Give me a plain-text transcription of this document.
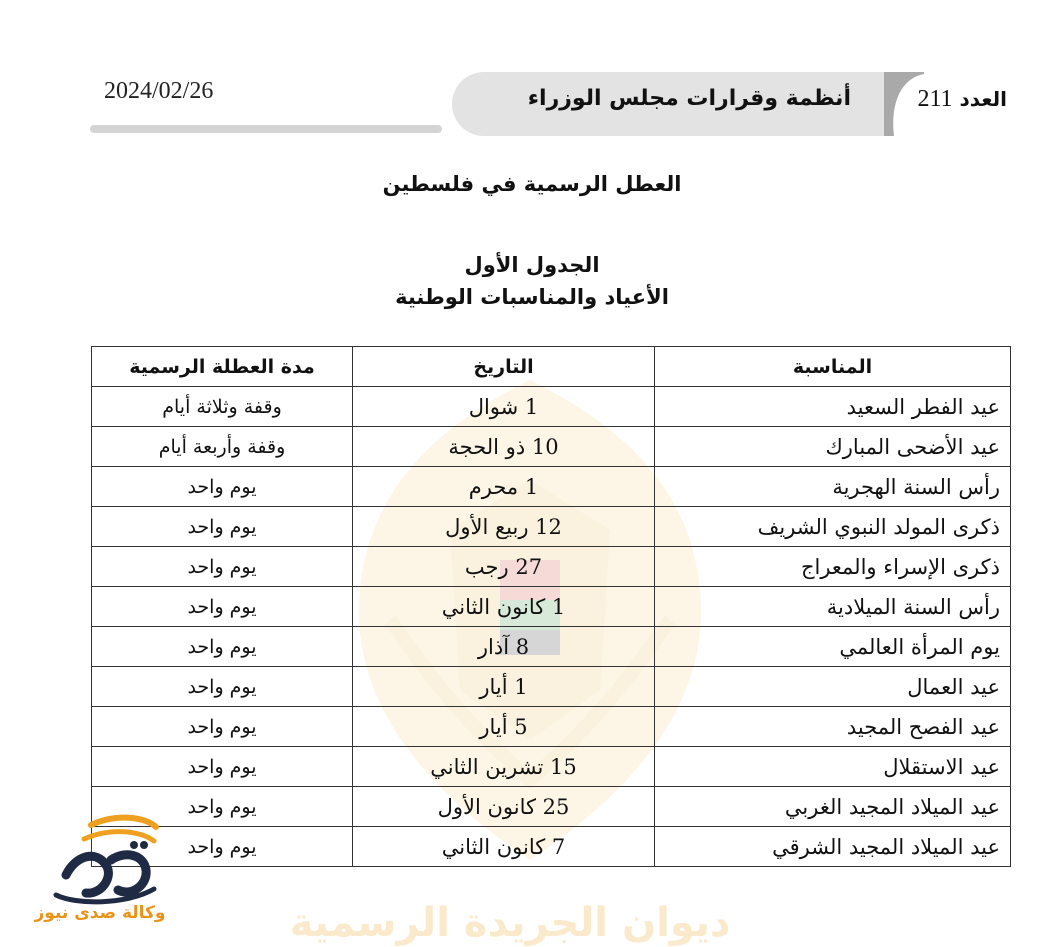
ديوان الجريدة الرسمية
2024/02/26	أنظمة وقرارات مجلس الوزراء	العدد 211
العطل الرسمية في فلسطين
الجدول الأول
الأعياد والمناسبات الوطنية
المناسبة	التاريخ	مدة العطلة الرسمية
عيد الفطر السعيد	1 شوال	وقفة وثلاثة أيام
عيد الأضحى المبارك	10 ذو الحجة	وقفة وأربعة أيام
رأس السنة الهجرية	1 محرم	يوم واحد
ذكرى المولد النبوي الشريف	12 ربيع الأول	يوم واحد
ذكرى الإسراء والمعراج	27 رجب	يوم واحد
رأس السنة الميلادية	1 كانون الثاني	يوم واحد
يوم المرأة العالمي	8 آذار	يوم واحد
عيد العمال	1 أيار	يوم واحد
عيد الفصح المجيد	5 أيار	يوم واحد
عيد الاستقلال	15 تشرين الثاني	يوم واحد
عيد الميلاد المجيد الغربي	25 كانون الأول	يوم واحد
عيد الميلاد المجيد الشرقي	7 كانون الثاني	يوم واحد
وكالة صدى نيوز
